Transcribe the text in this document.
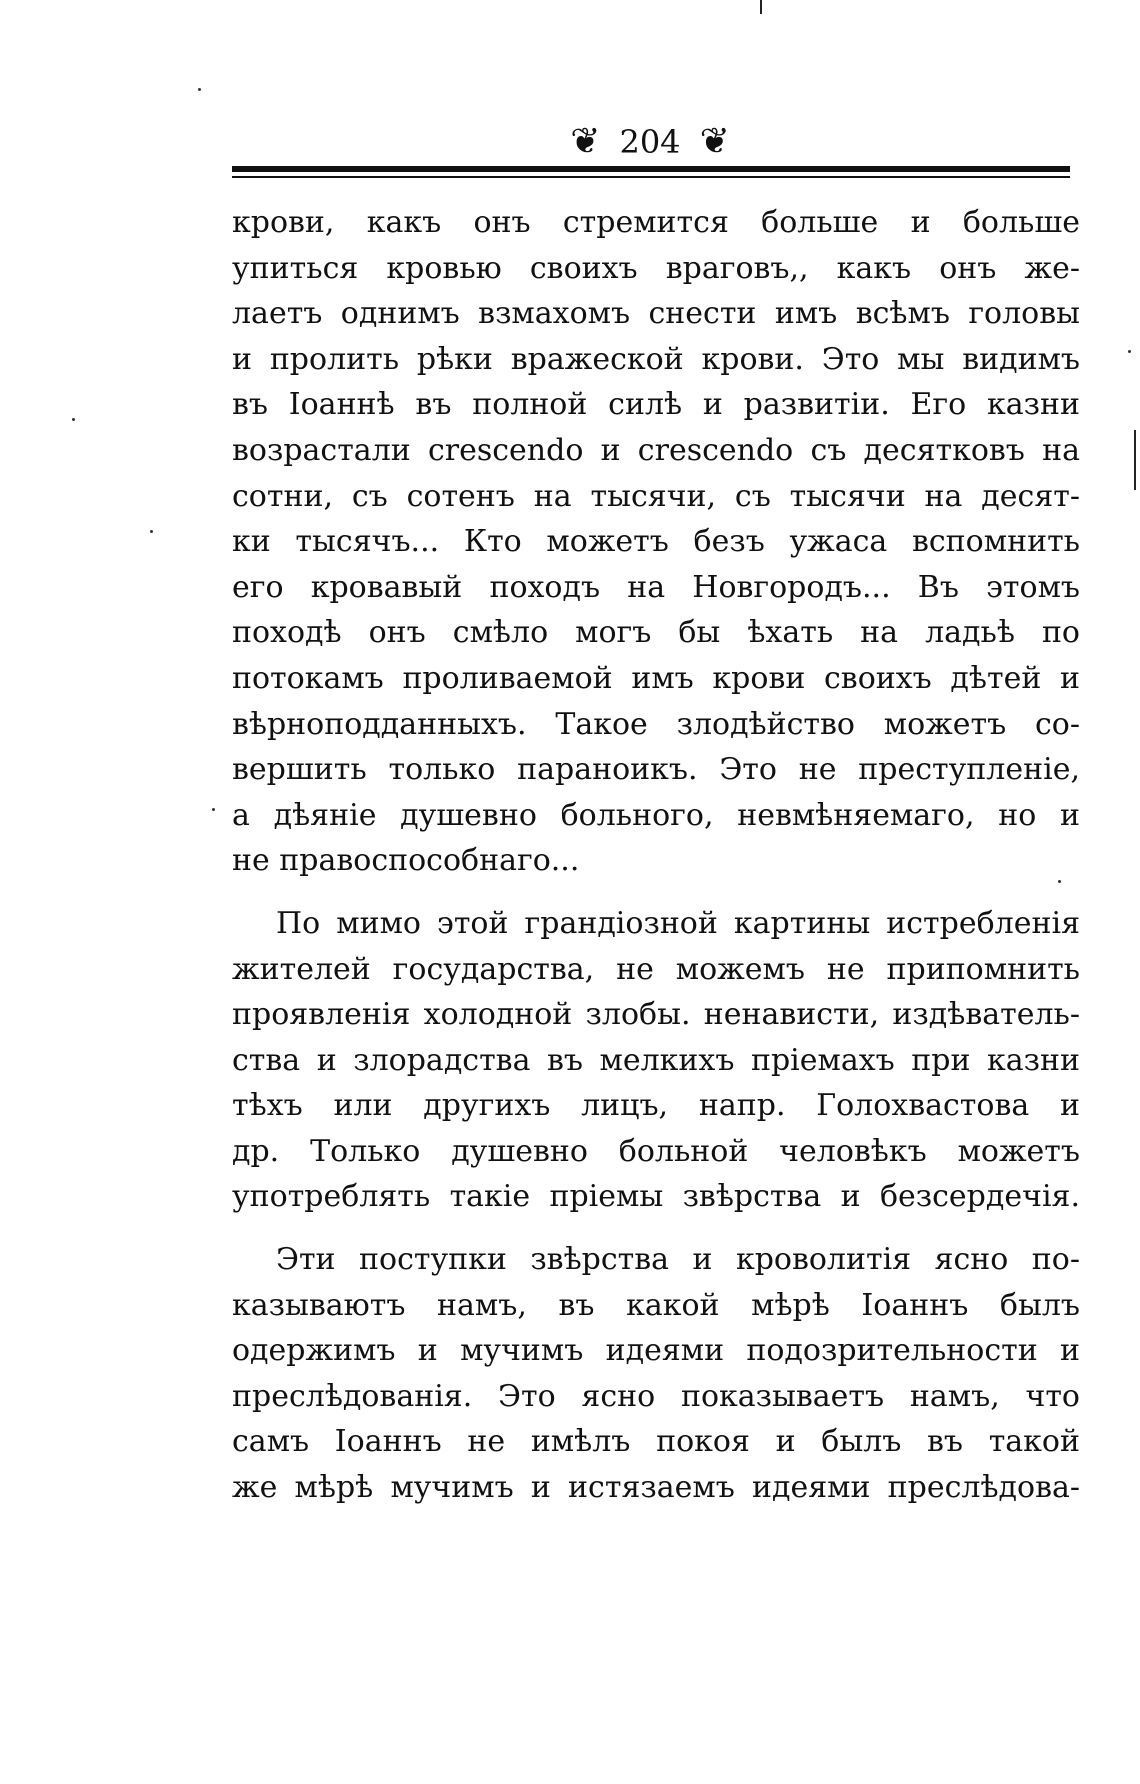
❦ 204 ❦
крови, какъ онъ стремится больше и больше
упиться кровью своихъ враговъ,, какъ онъ же-
лаетъ однимъ взмахомъ снести имъ всѣмъ головы
и пролить рѣки вражеской крови. Это мы видимъ
въ Іоаннѣ въ полной силѣ и развитіи. Его казни
возрастали crescendo и crescendo съ десятковъ на
сотни, съ сотенъ на тысячи, съ тысячи на десят-
ки тысячъ... Кто можетъ безъ ужаса вспомнить
его кровавый походъ на Новгородъ... Въ этомъ
походѣ онъ смѣло могъ бы ѣхать на ладьѣ по
потокамъ проливаемой имъ крови своихъ дѣтей и
вѣрноподданныхъ. Такое злодѣйство можетъ со-
вершить только параноикъ. Это не преступленіе,
а дѣяніе душевно больного, невмѣняемаго, но и
не правоспособнаго...
По мимо этой грандіозной картины истребленія
жителей государства, не можемъ не припомнить
проявленія холодной злобы. ненависти, издѣватель-
ства и злорадства въ мелкихъ пріемахъ при казни
тѣхъ или другихъ лицъ, напр. Голохвастова и
др. Только душевно больной человѣкъ можетъ
употреблять такіе пріемы звѣрства и безсердечія.
Эти поступки звѣрства и кроволитія ясно по-
казываютъ намъ, въ какой мѣрѣ Іоаннъ былъ
одержимъ и мучимъ идеями подозрительности и
преслѣдованія. Это ясно показываетъ намъ, что
самъ Іоаннъ не имѣлъ покоя и былъ въ такой
же мѣрѣ мучимъ и истязаемъ идеями преслѣдова-
